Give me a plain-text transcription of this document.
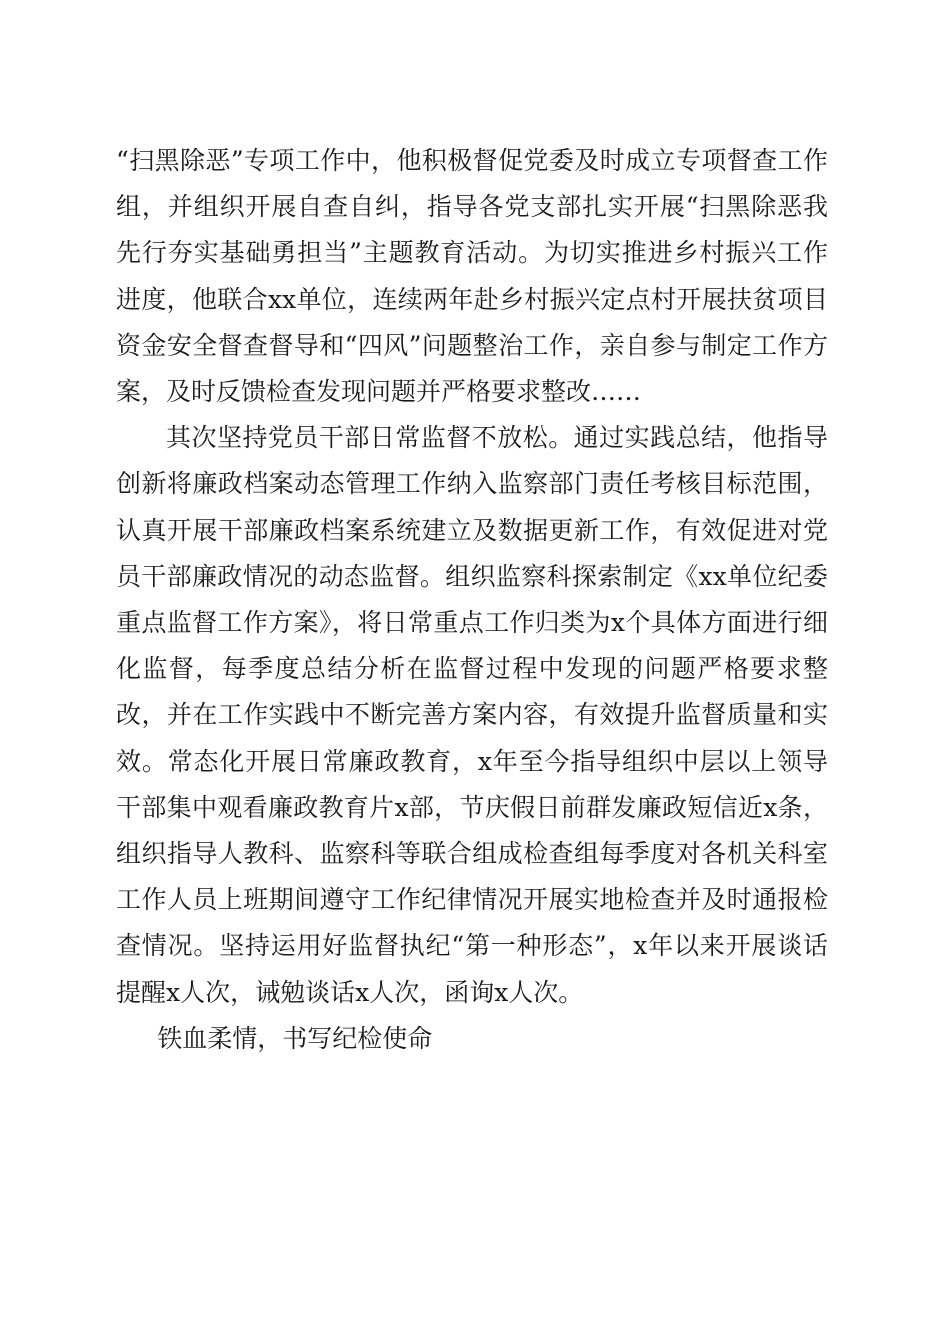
“扫黑除恶”专项工作中，他积极督促党委及时成立专项督查工作组，并组织开展自查自纠，指导各党支部扎实开展“扫黑除恶我先行夯实基础勇担当”主题教育活动。为切实推进乡村振兴工作进度，他联合xx单位，连续两年赴乡村振兴定点村开展扶贫项目资金安全督查督导和“四风”问题整治工作，亲自参与制定工作方案，及时反馈检查发现问题并严格要求整改……

其次坚持党员干部日常监督不放松。通过实践总结，他指导创新将廉政档案动态管理工作纳入监察部门责任考核目标范围，认真开展干部廉政档案系统建立及数据更新工作，有效促进对党员干部廉政情况的动态监督。组织监察科探索制定《xx单位纪委重点监督工作方案》，将日常重点工作归类为x个具体方面进行细化监督，每季度总结分析在监督过程中发现的问题严格要求整改，并在工作实践中不断完善方案内容，有效提升监督质量和实效。常态化开展日常廉政教育，x年至今指导组织中层以上领导干部集中观看廉政教育片x部，节庆假日前群发廉政短信近x条，组织指导人教科、监察科等联合组成检查组每季度对各机关科室工作人员上班期间遵守工作纪律情况开展实地检查并及时通报检查情况。坚持运用好监督执纪“第一种形态”，x年以来开展谈话提醒x人次，诫勉谈话x人次，函询x人次。

铁血柔情，书写纪检使命
